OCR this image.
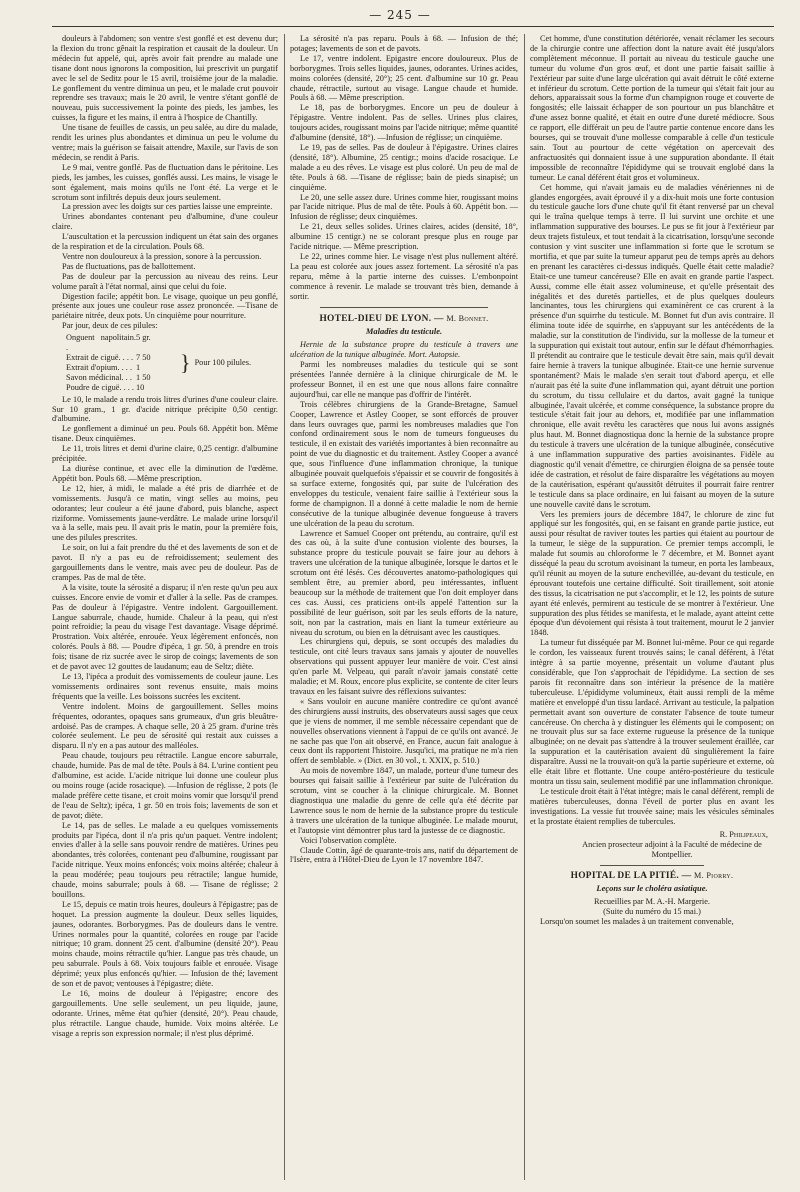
— 245 —

douleurs à l'abdomen; son ventre s'est gonflé et est devenu dur; la flexion du tronc gênait la respiration et causait de la douleur. Un médecin fut appelé, qui, après avoir fait prendre au malade une tisane dont nous ignorons la composition, lui prescrivit un purgatif avec le sel de Seditz pour le 15 avril, troisième jour de la maladie. Le gonflement du ventre diminua un peu, et le malade crut pouvoir reprendre ses travaux; mais le 20 avril, le ventre s'étant gonflé de nouveau, puis successivement la pointe des pieds, les jambes, les cuisses, la figure et les mains, il entra à l'hospice de Chantilly.

Une tisane de feuilles de cassis, un peu salée, au dire du malade, rendit les urines plus abondantes et diminua un peu le volume du ventre; mais la guérison se faisait attendre, Maxile, sur l'avis de son médecin, se rendit à Paris.

Le 9 mai, ventre gonflé. Pas de fluctuation dans le péritoine. Les pieds, les jambes, les cuisses, gonflés aussi. Les mains, le visage le sont également, mais moins qu'ils ne l'ont été. La verge et le scrotum sont infiltrés depuis deux jours seulement.

La pression avec les doigts sur ces parties laisse une empreinte.

Urines abondantes contenant peu d'albumine, d'une couleur claire.

L'auscultation et la percussion indiquent un état sain des organes de la respiration et de la circulation. Pouls 68.

Ventre non douloureux à la pression, sonore à la percussion.

Pas de fluctuations, pas de ballottement.

Pas de douleur par la percussion au niveau des reins. Leur volume paraît à l'état normal, ainsi que celui du foie.

Digestion facile; appétit bon. Le visage, quoique un peu gonflé, présente aux joues une couleur rose assez prononcée. —Tisane de pariétaire nitrée, deux pots. Un cinquième pour nourriture.

Par jour, deux de ces pilules:

Onguent napolitain. .
5 gr.
Extrait de ciguë. . . . 7 50
Extrait d'opium. . . . 1
Savon médicinal. . . 1 50
Poudre de ciguë. . . . 10
} Pour 100 pilules.

Le 10, le malade a rendu trois litres d'urines d'une couleur claire. Sur 10 gram., 1 gr. d'acide nitrique précipite 0,50 centigr. d'albumine.

Le gonflement a diminué un peu. Pouls 68. Appétit bon. Même tisane. Deux cinquièmes.

Le 11, trois litres et demi d'urine claire, 0,25 centigr. d'albumine précipitée.

La diurèse continue, et avec elle la diminution de l'œdème. Appétit bon. Pouls 68. —Même prescription.

Le 12, hier, à midi, le malade a été pris de diarrhée et de vomissements. Jusqu'à ce matin, vingt selles au moins, peu odorantes; leur couleur a été jaune d'abord, puis blanche, aspect riziforme. Vomissements jaune-verdâtre. Le malade urine lorsqu'il va à la selle, mais peu. Il avait pris le matin, pour la première fois, une des pilules prescrites.

Le soir, on lui a fait prendre du thé et des lavements de son et de pavot. Il n'y a pas eu de refroidissement; seulement des gargouillements dans le ventre, mais avec peu de douleur. Pas de crampes. Pas de mal de tête.

A la visite, toute la sérosité a disparu; il n'en reste qu'un peu aux cuisses. Encore envie de vomir et d'aller à la selle. Pas de crampes. Pas de douleur à l'épigastre. Ventre indolent. Gargouillement. Langue saburrale, chaude, humide. Chaleur à la peau, qui n'est point refroidie; la peau du visage l'est davantage. Visage déprimé. Prostration. Voix altérée, enrouée. Yeux légèrement enfoncés, non colorés. Pouls à 88. — Poudre d'ipéca, 1 gr. 50, à prendre en trois fois; tisane de riz sucrée avec le sirop de coings; lavements de son et de pavot avec 12 gouttes de laudanum; eau de Seltz; diète.

Le 13, l'ipéca a produit des vomissements de couleur jaune. Les vomissements ordinaires sont revenus ensuite, mais moins fréquents que la veille. Les boissons sucrées les excitent.

Ventre indolent. Moins de gargouillement. Selles moins fréquentes, odorantes, opaques sans grumeaux, d'un gris bleuâtre-ardoisé. Pas de crampes. A chaque selle, 20 à 25 gram. d'urine très colorée seulement. Le peu de sérosité qui restait aux cuisses a disparu. Il n'y en a pas autour des malléoles.

Peau chaude, toujours peu rétractile. Langue encore saburrale, chaude, humide. Pas de mal de tête. Pouls à 84. L'urine contient peu d'albumine, est acide. L'acide nitrique lui donne une couleur plus ou moins rouge (acide rosacique). —Infusion de réglisse, 2 pots (le malade préfère cette tisane, et croit moins vomir que lorsqu'il prend de l'eau de Seltz); ipéca, 1 gr. 50 en trois fois; lavements de son et de pavot; diète.

Le 14, pas de selles. Le malade a eu quelques vomissements produits par l'ipéca, dont il n'a pris qu'un paquet. Ventre indolent; envies d'aller à la selle sans pouvoir rendre de matières. Urines peu abondantes, très colorées, contenant peu d'albumine, rougissant par l'acide nitrique. Yeux moins enfoncés; voix moins altérée; chaleur à la peau modérée; peau toujours peu rétractile; langue humide, chaude, moins saburrale; pouls à 68. — Tisane de réglisse; 2 bouillons.

Le 15, depuis ce matin trois heures, douleurs à l'épigastre; pas de hoquet. La pression augmente la douleur. Deux selles liquides, jaunes, odorantes. Borborygmes. Pas de douleurs dans le ventre. Urines normales pour la quantité, colorées en rouge par l'acide nitrique; 10 gram. donnent 25 cent. d'albumine (densité 20°). Peau moins chaude, moins rétractile qu'hier. Langue pas très chaude, un peu saburrale. Pouls à 68. Voix toujours faible et enrouée. Visage déprimé; yeux plus enfoncés qu'hier. — Infusion de thé; lavement de son et de pavot; ventouses à l'épigastre; diète.

Le 16, moins de douleur à l'épigastre; encore des gargouillements. Une selle seulement, un peu liquide, jaune, odorante. Urines, même état qu'hier (densité, 20°). Peau chaude, plus rétractile. Langue chaude, humide. Voix moins altérée. Le visage a repris son expression normale; il n'est plus déprimé.

La sérosité n'a pas reparu. Pouls à 68. — Infusion de thé; potages; lavements de son et de pavots.

Le 17, ventre indolent. Epigastre encore douloureux. Plus de borborygmes. Trois selles liquides, jaunes, odorantes. Urines acides, moins colorées (densité, 20°); 25 cent. d'albumine sur 10 gr. Peau chaude, rétractile, surtout au visage. Langue chaude et humide. Pouls à 68. — Même prescription.

Le 18, pas de borborygmes. Encore un peu de douleur à l'épigastre. Ventre indolent. Pas de selles. Urines plus claires, toujours acides, rougissant moins par l'acide nitrique; même quantité d'albumine (densité, 18°). —Infusion de réglisse; un cinquième.

Le 19, pas de selles. Pas de douleur à l'épigastre. Urines claires (densité, 18°). Albumine, 25 centigr.; moins d'acide rosacique. Le malade a eu des rêves. Le visage est plus coloré. Un peu de mal de tête. Pouls à 68. —Tisane de réglisse; bain de pieds sinapisé; un cinquième.

Le 20, une selle assez dure. Urines comme hier, rougissant moins par l'acide nitrique. Plus de mal de tête. Pouls à 60. Appétit bon. —Infusion de réglisse; deux cinquièmes.

Le 21, deux selles solides. Urines claires, acides (densité, 18°, albumine 15 centigr.) ne se colorant presque plus en rouge par l'acide nitrique. — Même prescription.

Le 22, urines comme hier. Le visage n'est plus nullement altéré. La peau est colorée aux joues assez fortement. La sérosité n'a pas reparu, même à la partie interne des cuisses. L'embonpoint commence à revenir. Le malade se trouvant très bien, demande à sortir.

HOTEL-DIEU DE LYON. — M. Bonnet.
Maladies du testicule.

Hernie de la substance propre du testicule à travers une ulcération de la tunique albuginée. Mort. Autopsie.

Parmi les nombreuses maladies du testicule qui se sont présentées l'année dernière à la clinique chirurgicale de M. le professeur Bonnet, il en est une que nous allons faire connaître aujourd'hui, car elle ne manque pas d'offrir de l'intérêt.

Trois célèbres chirurgiens de la Grande-Bretagne, Samuel Cooper, Lawrence et Astley Cooper, se sont efforcés de prouver dans leurs ouvrages que, parmi les nombreuses maladies que l'on confond ordinairement sous le nom de tumeurs fongueuses du testicule, il en existait des variétés importantes à bien reconnaître au point de vue du diagnostic et du traitement. Astley Cooper a avancé que, sous l'influence d'une inflammation chronique, la tunique albuginée pouvait quelquefois s'épaissir et se couvrir de fongosités à sa surface externe, fongosités qui, par suite de l'ulcération des enveloppes du testicule, venaient faire saillie à l'extérieur sous la forme de champignon. Il a donné à cette maladie le nom de hernie consécutive de la tunique albuginée devenue fongueuse à travers une ulcération de la peau du scrotum.

Lawrence et Samuel Cooper ont prétendu, au contraire, qu'il est des cas où, à la suite d'une contusion violente des bourses, la substance propre du testicule pouvait se faire jour au dehors à travers une ulcération de la tunique albuginée, lorsque le dartos et le scrotum ont été lésés. Ces découvertes anatomo-pathologiques qui semblent être, au premier abord, peu intéressantes, influent beaucoup sur la méthode de traitement que l'on doit employer dans ces cas. Aussi, ces praticiens ont-ils appelé l'attention sur la possibilité de leur guérison, soit par les seuls efforts de la nature, soit, non par la castration, mais en liant la tumeur extérieure au niveau du scrotum, ou bien en la détruisant avec les caustiques.

Les chirurgiens qui, depuis, se sont occupés des maladies du testicule, ont cité leurs travaux sans jamais y ajouter de nouvelles observations qui pussent appuyer leur manière de voir. C'est ainsi qu'en parle M. Velpeau, qui paraît n'avoir jamais constaté cette maladie; et M. Roux, encore plus explicite, se contente de citer leurs travaux en les faisant suivre des réflexions suivantes:

« Sans vouloir en aucune manière contredire ce qu'ont avancé des chirurgiens aussi instruits, des observateurs aussi sages que ceux que je viens de nommer, il me semble nécessaire cependant que de nouvelles observations viennent à l'appui de ce qu'ils ont avancé. Je ne sache pas que l'on ait observé, en France, aucun fait analogue à ceux dont ils rapportent l'histoire. Jusqu'ici, ma pratique ne m'a rien offert de semblable. » (Dict. en 30 vol., t. XXIX, p. 510.)

Au mois de novembre 1847, un malade, porteur d'une tumeur des bourses qui faisait saillie à l'extérieur par suite de l'ulcération du scrotum, vint se coucher à la clinique chirurgicale. M. Bonnet diagnostiqua une maladie du genre de celle qu'a été décrite par Lawrence sous le nom de hernie de la substance propre du testicule à travers une ulcération de la tunique albuginée. Le malade mourut, et l'autopsie vint démontrer plus tard la justesse de ce diagnostic.

Voici l'observation complète.

Claude Cottin, âgé de quarante-trois ans, natif du département de l'Isère, entra à l'Hôtel-Dieu de Lyon le 17 novembre 1847.

Cet homme, d'une constitution détériorée, venait réclamer les secours de la chirurgie contre une affection dont la nature avait été jusqu'alors complètement méconnue. Il portait au niveau du testicule gauche une tumeur du volume d'un gros œuf, et dont une partie faisait saillie à l'extérieur par suite d'une large ulcération qui avait détruit le côté externe et inférieur du scrotum. Cette portion de la tumeur qui s'était fait jour au dehors, apparaissait sous la forme d'un champignon rouge et couverte de fongosités; elle laissait échapper de son pourtour un pus blanchâtre et d'une assez bonne qualité, et était en outre d'une dureté médiocre. Sous ce rapport, elle différait un peu de l'autre partie contenue encore dans les bourses, qui se trouvait d'une mollesse comparable à celle d'un testicule sain. Tout au pourtour de cette végétation on apercevait des anfractuosités qui donnaient issue à une suppuration abondante. Il était impossible de reconnaître l'épididyme qui se trouvait englobé dans la tumeur. Le canal déférent était gros et volumineux.

Cet homme, qui n'avait jamais eu de maladies vénériennes ni de glandes engorgées, avait éprouvé il y a dix-huit mois une forte contusion du testicule gauche lors d'une chute qu'il fit étant renversé par un cheval qui le traîna quelque temps à terre. Il lui survint une orchite et une inflammation suppurative des bourses. Le pus se fit jour à l'extérieur par deux trajets fistuleux, et tout tendait à la cicatrisation, lorsqu'une seconde contusion y vint susciter une inflammation si forte que le scrotum se mortifia, et que par suite la tumeur apparut peu de temps après au dehors en prenant les caractères ci-dessus indiqués. Quelle était cette maladie? Etait-ce une tumeur cancéreuse? Elle en avait en grande partie l'aspect. Aussi, comme elle était assez volumineuse, et qu'elle présentait des inégalités et des duretés partielles, et de plus quelques douleurs lancinantes, tous les chirurgiens qui examinèrent ce cas crurent à la présence d'un squirrhe du testicule. M. Bonnet fut d'un avis contraire. Il élimina toute idée de squirrhe, en s'appuyant sur les antécédents de la maladie, sur la constitution de l'individu, sur la mollesse de la tumeur et la suppuration qui existait tout autour, enfin sur le défaut d'hémorrhagies. Il prétendit au contraire que le testicule devait être sain, mais qu'il devait faire hernie à travers la tunique albuginée. Etait-ce une hernie survenue spontanément? Mais le malade s'en serait tout d'abord aperçu, et elle n'aurait pas été la suite d'une inflammation qui, ayant détruit une portion du scrotum, du tissu cellulaire et du dartos, avait gagné la tunique albuginée, l'avait ulcérée, et comme conséquence, la substance propre du testicule s'était fait jour au dehors, et, modifiée par une inflammation chronique, elle avait revêtu les caractères que nous lui avons assignés plus haut. M. Bonnet diagnostiqua donc la hernie de la substance propre du testicule à travers une ulcération de la tunique albuginée, consécutive à une inflammation suppurative des parties avoisinantes. Fidèle au diagnostic qu'il venait d'émettre, ce chirurgien éloigna de sa pensée toute idée de castration, et résolut de faire disparaître les végétations au moyen de la cautérisation, espérant qu'aussitôt détruites il pourrait faire rentrer le testicule dans sa place ordinaire, en lui faisant au moyen de la suture une nouvelle cavité dans le scrotum.

Vers les premiers jours de décembre 1847, le chlorure de zinc fut appliqué sur les fongosités, qui, en se faisant en grande partie justice, eut aussi pour résultat de raviver toutes les parties qui étaient au pourtour de la tumeur, le siège de la suppuration. Ce premier temps accompli, le malade fut soumis au chloroforme le 7 décembre, et M. Bonnet ayant disséqué la peau du scrotum avoisinant la tumeur, en porta les lambeaux, qu'il réunit au moyen de la suture enchevillée, au-devant du testicule, en éprouvant toutefois une certaine difficulté. Soit tiraillement, soit atonie des tissus, la cicatrisation ne put s'accomplir, et le 12, les points de suture ayant été enlevés, permirent au testicule de se montrer à l'extérieur. Une suppuration des plus fétides se manifesta, et le malade, ayant atteint cette époque d'un dévoiement qui résista à tout traitement, mourut le 2 janvier 1848.

La tumeur fut disséquée par M. Bonnet lui-même. Pour ce qui regarde le cordon, les vaisseaux furent trouvés sains; le canal déférent, à l'état intègre à sa partie moyenne, présentait un volume d'autant plus considérable, que l'on s'approchait de l'épididyme. La section de ses parois fit reconnaître dans son intérieur la présence de la matière tuberculeuse. L'épididyme volumineux, était aussi rempli de la même matière et enveloppé d'un tissu lardacé. Arrivant au testicule, la palpation permettait avant son ouverture de constater l'absence de toute tumeur cancéreuse. On chercha à y distinguer les éléments qui le composent; on ne trouvait plus sur sa face externe rugueuse la présence de la tunique albuginée; on ne devait pas s'attendre à la trouver seulement éraillée, car la suppuration et la cautérisation avaient dû singulièrement la faire disparaître. Aussi ne la trouvait-on qu'à la partie supérieure et externe, où elle était libre et flottante. Une coupe antéro-postérieure du testicule montra un tissu sain, seulement modifié par une inflammation chronique.

Le testicule droit était à l'état intègre; mais le canal déférent, rempli de matières tuberculeuses, donna l'éveil de porter plus en avant les investigations. La vessie fut trouvée saine; mais les vésicules séminales et la prostate étaient remplies de tubercules.

R. Philipeaux,
Ancien prosecteur adjoint à la Faculté de médecine de Montpellier.
HOPITAL DE LA PITIÉ. — M. Piorry.
Leçons sur le choléra asiatique.

Recueillies par M. A.-H. Margerie.

(Suite du numéro du 15 mai.)

Lorsqu'on soumet les malades à un traitement convenable,
